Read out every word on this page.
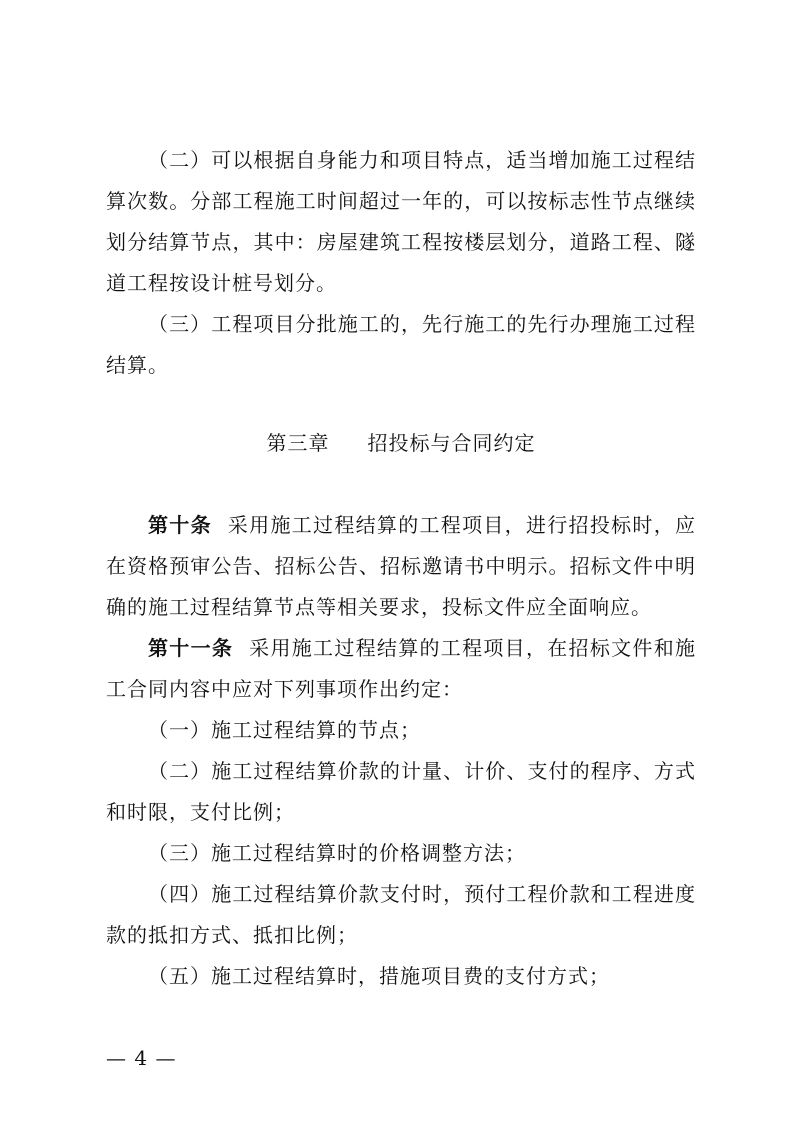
（二）可以根据自身能力和项目特点，适当增加施工过程结算次数。分部工程施工时间超过一年的，可以按标志性节点继续划分结算节点，其中：房屋建筑工程按楼层划分，道路工程、隧道工程按设计桩号划分。

（三）工程项目分批施工的，先行施工的先行办理施工过程结算。

第三章 招投标与合同约定

第十条 采用施工过程结算的工程项目，进行招投标时，应在资格预审公告、招标公告、招标邀请书中明示。招标文件中明确的施工过程结算节点等相关要求，投标文件应全面响应。

第十一条 采用施工过程结算的工程项目，在招标文件和施工合同内容中应对下列事项作出约定：

（一）施工过程结算的节点；

（二）施工过程结算价款的计量、计价、支付的程序、方式和时限，支付比例；

（三）施工过程结算时的价格调整方法；

（四）施工过程结算价款支付时，预付工程价款和工程进度款的抵扣方式、抵扣比例；

（五）施工过程结算时，措施项目费的支付方式；

— 4 —
